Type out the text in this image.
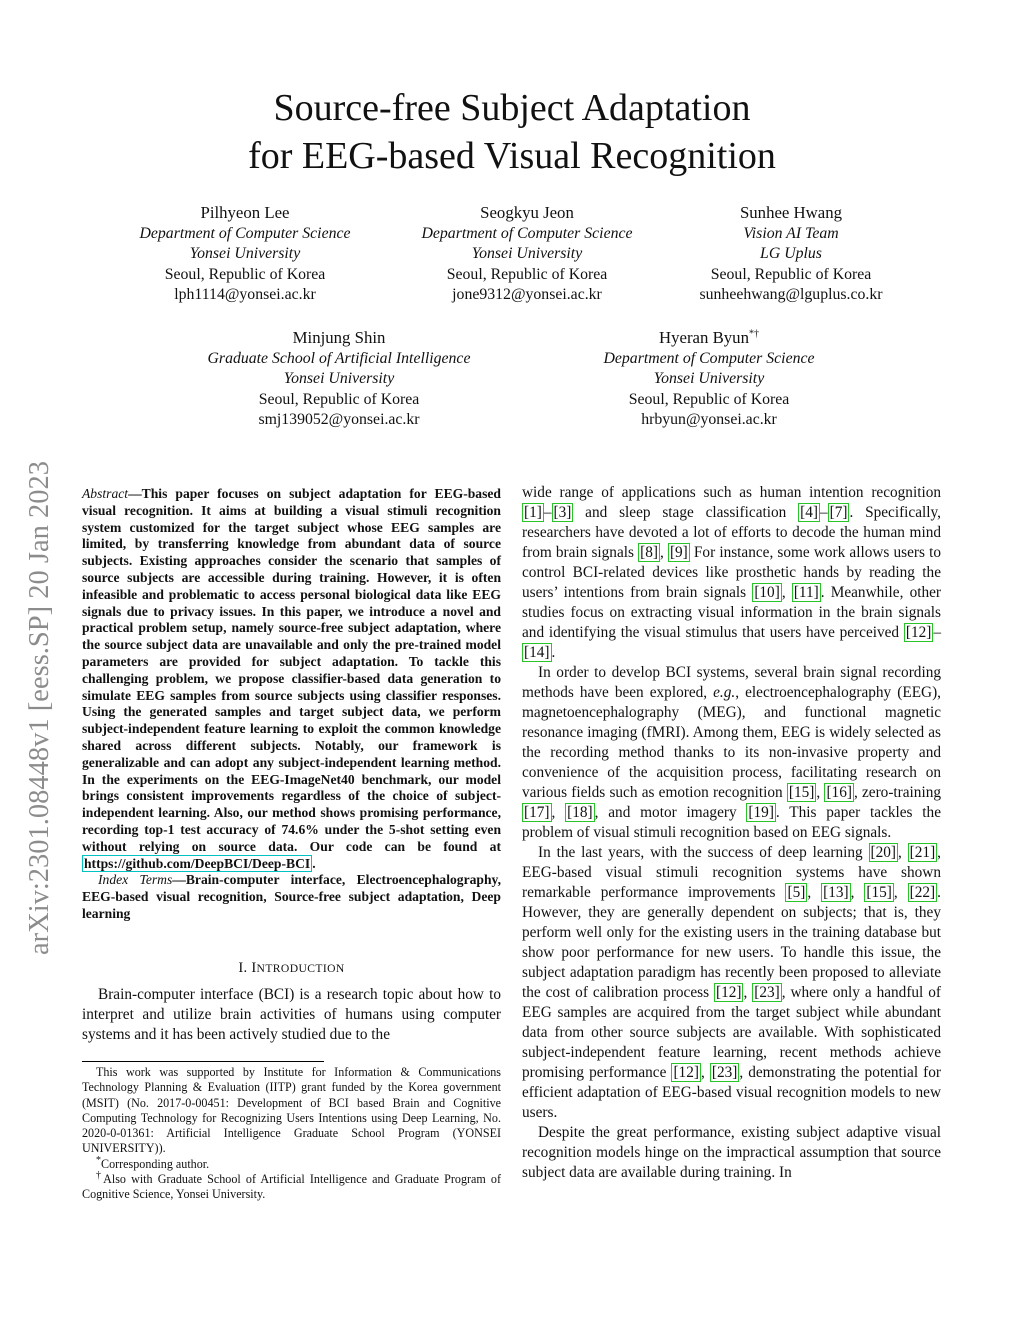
arXiv:2301.08448v1 [eess.SP] 20 Jan 2023
Source-free Subject Adaptation
for EEG-based Visual Recognition
Pilhyeon Lee
Department of Computer Science
Yonsei University
Seoul, Republic of Korea
lph1114@yonsei.ac.kr
Seogkyu Jeon
Department of Computer Science
Yonsei University
Seoul, Republic of Korea
jone9312@yonsei.ac.kr
Sunhee Hwang
Vision AI Team
LG Uplus
Seoul, Republic of Korea
sunheehwang@lguplus.co.kr
Minjung Shin
Graduate School of Artificial Intelligence
Yonsei University
Seoul, Republic of Korea
smj139052@yonsei.ac.kr
Hyeran Byun*†
Department of Computer Science
Yonsei University
Seoul, Republic of Korea
hrbyun@yonsei.ac.kr

Abstract—This paper focuses on subject adaptation for EEG-based visual recognition. It aims at building a visual stimuli recognition system customized for the target subject whose EEG samples are limited, by transferring knowledge from abundant data of source subjects. Existing approaches consider the scenario that samples of source subjects are accessible during training. However, it is often infeasible and problematic to access personal biological data like EEG signals due to privacy issues. In this paper, we introduce a novel and practical problem setup, namely source-free subject adaptation, where the source subject data are unavailable and only the pre-trained model parameters are provided for subject adaptation. To tackle this challenging problem, we propose classifier-based data generation to simulate EEG samples from source subjects using classifier responses. Using the generated samples and target subject data, we perform subject-independent feature learning to exploit the common knowledge shared across different subjects. Notably, our framework is generalizable and can adopt any subject-independent learning method. In the experiments on the EEG-ImageNet40 benchmark, our model brings consistent improvements regardless of the choice of subject-independent learning. Also, our method shows promising performance, recording top-1 test accuracy of 74.6% under the 5-shot setting even without relying on source data. Our code can be found at https://github.com/DeepBCI/Deep-BCI .

Index Terms—Brain-computer interface, Electroencephalography, EEG-based visual recognition, Source-free subject adaptation, Deep learning

I. INTRODUCTION

Brain-computer interface (BCI) is a research topic about how to interpret and utilize brain activities of humans using computer systems and it has been actively studied due to the

This work was supported by Institute for Information & Communications Technology Planning & Evaluation (IITP) grant funded by the Korea government (MSIT) (No. 2017-0-00451: Development of BCI based Brain and Cognitive Computing Technology for Recognizing Users Intentions using Deep Learning, No. 2020-0-01361: Artificial Intelligence Graduate School Program (YONSEI UNIVERSITY)).

*Corresponding author.

†Also with Graduate School of Artificial Intelligence and Graduate Program of Cognitive Science, Yonsei University.

wide range of applications such as human intention recognition [1] – [3] and sleep stage classification [4] – [7] . Specifically, researchers have devoted a lot of efforts to decode the human mind from brain signals [8] , [9] For instance, some work allows users to control BCI-related devices like prosthetic hands by reading the users’ intentions from brain signals [10] , [11] . Meanwhile, other studies focus on extracting visual information in the brain signals and identifying the visual stimulus that users have perceived [12] –[14] .

In order to develop BCI systems, several brain signal recording methods have been explored, e.g., electroencephalography (EEG), magnetoencephalography (MEG), and functional magnetic resonance imaging (fMRI). Among them, EEG is widely selected as the recording method thanks to its non-invasive property and convenience of the acquisition process, facilitating research on various fields such as emotion recognition [15] , [16] , zero-training [17] , [18] , and motor imagery [19] . This paper tackles the problem of visual stimuli recognition based on EEG signals.

In the last years, with the success of deep learning [20] , [21] , EEG-based visual stimuli recognition systems have shown remarkable performance improvements [5] , [13] , [15] , [22] . However, they are generally dependent on subjects; that is, they perform well only for the existing users in the training database but show poor performance for new users. To handle this issue, the subject adaptation paradigm has recently been proposed to alleviate the cost of calibration process [12] , [23] , where only a handful of EEG samples are acquired from the target subject while abundant data from other source subjects are available. With sophisticated subject-independent feature learning, recent methods achieve promising performance [12] , [23] , demonstrating the potential for efficient adaptation of EEG-based visual recognition models to new users.

Despite the great performance, existing subject adaptive visual recognition models hinge on the impractical assumption that source subject data are available during training. In
